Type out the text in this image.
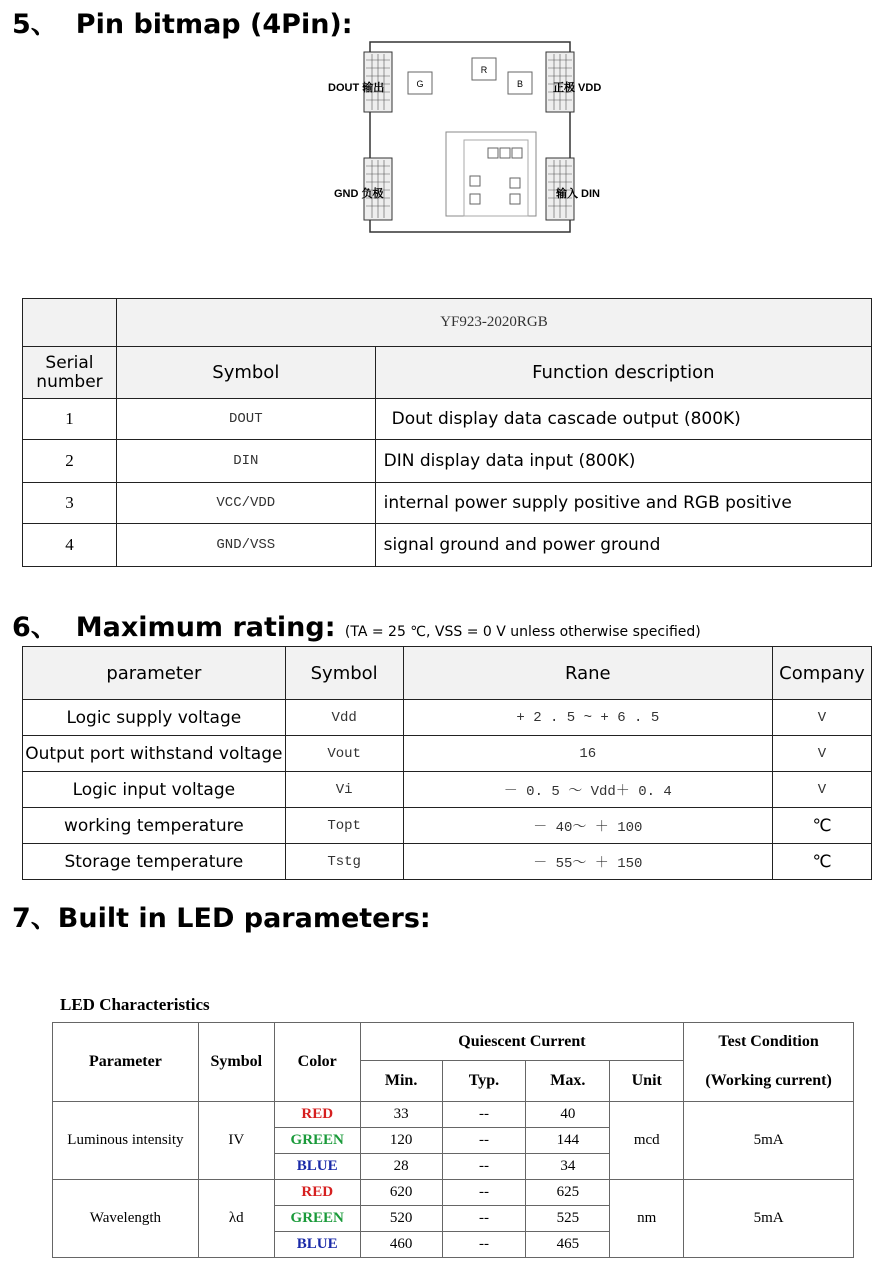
5、 Pin bitmap (4Pin):
G
R
B
DOUT 输出
GND 负极
正极 VDD
输入 DIN
	YF923-2020RGB	
Serial number	Symbol	Function description
1	DOUT	Dout display data cascade output (800K)
2	DIN	DIN display data input (800K)
3	VCC/VDD	internal power supply positive and RGB positive
4	GND/VSS	signal ground and power ground
6、 Maximum rating: (TA = 25 ℃, VSS = 0 V unless otherwise specified)
parameter	Symbol	Rane	Company
Logic supply voltage	Vdd	+ 2 . 5 ~ + 6 . 5	V
Output port withstand voltage	Vout	16	V
Logic input voltage	Vi	－ 0. 5 ～ Vdd＋ 0. 4	V
working temperature	Topt	－ 40～ ＋ 100	℃
Storage temperature	Tstg	－ 55～ ＋ 150	℃
7、Built in LED parameters:
LED Characteristics
Parameter	Symbol	Color	Quiescent Current				Test Condition
			Min.	Typ.	Max.	Unit	(Working current)
Luminous intensity	IV	RED	33	--	40	mcd	5mA
		GREEN	120	--	144		
		BLUE	28	--	34		
Wavelength	λd	RED	620	--	625	nm	5mA
		GREEN	520	--	525		
		BLUE	460	--	465		
